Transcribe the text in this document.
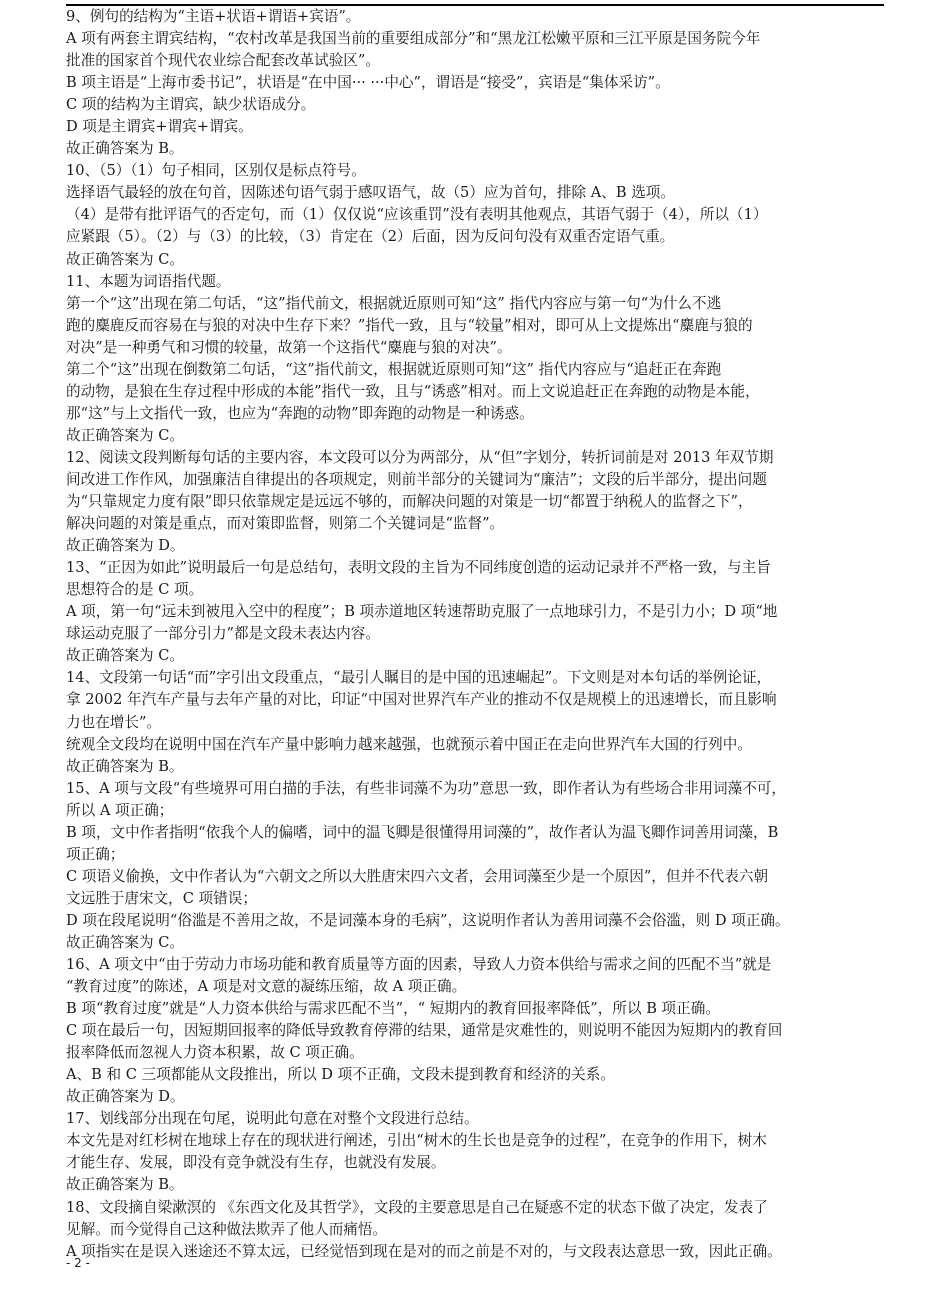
9、例句的结构为“主语+状语+谓语+宾语”。
A 项有两套主谓宾结构，“农村改革是我国当前的重要组成部分”和“黑龙江松嫩平原和三江平原是国务院今年
批准的国家首个现代农业综合配套改革试验区”。
B 项主语是“上海市委书记”，状语是“在中国··· ···中心”，谓语是“接受”，宾语是“集体采访”。
C 项的结构为主谓宾，缺少状语成分。
D 项是主谓宾+谓宾+谓宾。
故正确答案为 B。
10、（5）（1）句子相同，区别仅是标点符号。
选择语气最轻的放在句首，因陈述句语气弱于感叹语气，故（5）应为首句，排除 A、B 选项。
（4）是带有批评语气的否定句，而（1）仅仅说“应该重罚”没有表明其他观点，其语气弱于（4），所以（1）
应紧跟（5）。（2）与（3）的比较，（3）肯定在（2）后面，因为反问句没有双重否定语气重。
故正确答案为 C。
11、本题为词语指代题。
第一个“这”出现在第二句话，“这”指代前文，根据就近原则可知“这” 指代内容应与第一句“为什么不逃
跑的麋鹿反而容易在与狼的对决中生存下来？”指代一致，且与“较量”相对，即可从上文提炼出“麋鹿与狼的
对决”是一种勇气和习惯的较量，故第一个这指代“麋鹿与狼的对决”。
第二个“这”出现在倒数第二句话，“这”指代前文，根据就近原则可知“这” 指代内容应与“追赶正在奔跑
的动物，是狼在生存过程中形成的本能”指代一致，且与“诱惑”相对。而上文说追赶正在奔跑的动物是本能，
那“这”与上文指代一致，也应为“奔跑的动物”即奔跑的动物是一种诱惑。
故正确答案为 C。
12、阅读文段判断每句话的主要内容，本文段可以分为两部分，从“但”字划分，转折词前是对 2013 年双节期
间改进工作作风，加强廉洁自律提出的各项规定，则前半部分的关键词为“廉洁”；文段的后半部分，提出问题
为“只靠规定力度有限”即只依靠规定是远远不够的，而解决问题的对策是一切“都置于纳税人的监督之下”，
解决问题的对策是重点，而对策即监督，则第二个关键词是“监督”。
故正确答案为 D。
13、“正因为如此”说明最后一句是总结句，表明文段的主旨为不同纬度创造的运动记录并不严格一致，与主旨
思想符合的是 C 项。
A 项，第一句“远未到被甩入空中的程度”；B 项赤道地区转速帮助克服了一点地球引力，不是引力小；D 项“地
球运动克服了一部分引力”都是文段未表达内容。
故正确答案为 C。
14、文段第一句话“而”字引出文段重点，“最引人瞩目的是中国的迅速崛起”。下文则是对本句话的举例论证，
拿 2002 年汽车产量与去年产量的对比，印证“中国对世界汽车产业的推动不仅是规模上的迅速增长，而且影响
力也在增长”。
统观全文段均在说明中国在汽车产量中影响力越来越强，也就预示着中国正在走向世界汽车大国的行列中。
故正确答案为 B。
15、A 项与文段“有些境界可用白描的手法，有些非词藻不为功”意思一致，即作者认为有些场合非用词藻不可，
所以 A 项正确；
B 项，文中作者指明“依我个人的偏嗜，词中的温飞卿是很懂得用词藻的”，故作者认为温飞卿作词善用词藻，B
项正确；
C 项语义偷换，文中作者认为“六朝文之所以大胜唐宋四六文者，会用词藻至少是一个原因”，但并不代表六朝
文远胜于唐宋文，C 项错误；
D 项在段尾说明“俗滥是不善用之故，不是词藻本身的毛病”，这说明作者认为善用词藻不会俗滥，则 D 项正确。
故正确答案为 C。
16、A 项文中“由于劳动力市场功能和教育质量等方面的因素，导致人力资本供给与需求之间的匹配不当”就是
“教育过度”的陈述，A 项是对文意的凝练压缩，故 A 项正确。
B 项“教育过度”就是“人力资本供给与需求匹配不当”，“ 短期内的教育回报率降低”，所以 B 项正确。
C 项在最后一句，因短期回报率的降低导致教育停滞的结果，通常是灾难性的，则说明不能因为短期内的教育回
报率降低而忽视人力资本积累，故 C 项正确。
A、B 和 C 三项都能从文段推出，所以 D 项不正确，文段未提到教育和经济的关系。
故正确答案为 D。
17、划线部分出现在句尾，说明此句意在对整个文段进行总结。
本文先是对红杉树在地球上存在的现状进行阐述，引出“树木的生长也是竞争的过程”，在竞争的作用下，树木
才能生存、发展，即没有竞争就没有生存，也就没有发展。
故正确答案为 B。
18、文段摘自梁漱溟的 《东西文化及其哲学》，文段的主要意思是自己在疑惑不定的状态下做了决定，发表了
见解。而今觉得自己这种做法欺弄了他人而痛悟。
A 项指实在是误入迷途还不算太远，已经觉悟到现在是对的而之前是不对的，与文段表达意思一致，因此正确。
- 2 -
